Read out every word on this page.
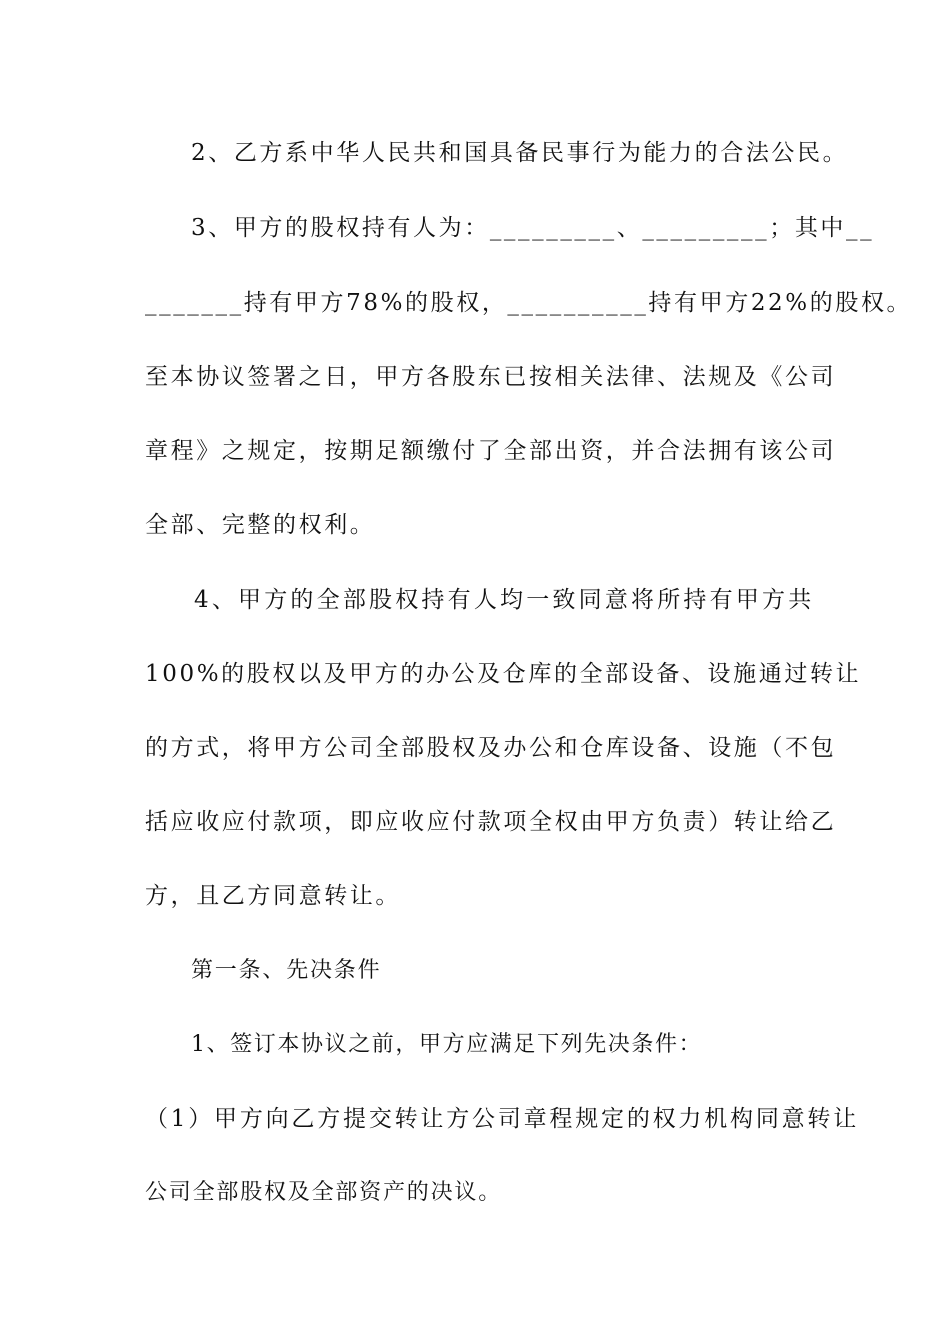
2、乙方系中华人民共和国具备民事行为能力的合法公民。
3、甲方的股权持有人为：_________、_________；其中__
_______持有甲方78%的股权，__________持有甲方22%的股权。
至本协议签署之日，甲方各股东已按相关法律、法规及《公司
章程》之规定，按期足额缴付了全部出资，并合法拥有该公司
全部、完整的权利。
4、甲方的全部股权持有人均一致同意将所持有甲方共
100%的股权以及甲方的办公及仓库的全部设备、设施通过转让
的方式，将甲方公司全部股权及办公和仓库设备、设施（不包
括应收应付款项，即应收应付款项全权由甲方负责）转让给乙
方，且乙方同意转让。
第一条、先决条件
1、签订本协议之前，甲方应满足下列先决条件：
（1）甲方向乙方提交转让方公司章程规定的权力机构同意转让
公司全部股权及全部资产的决议。
